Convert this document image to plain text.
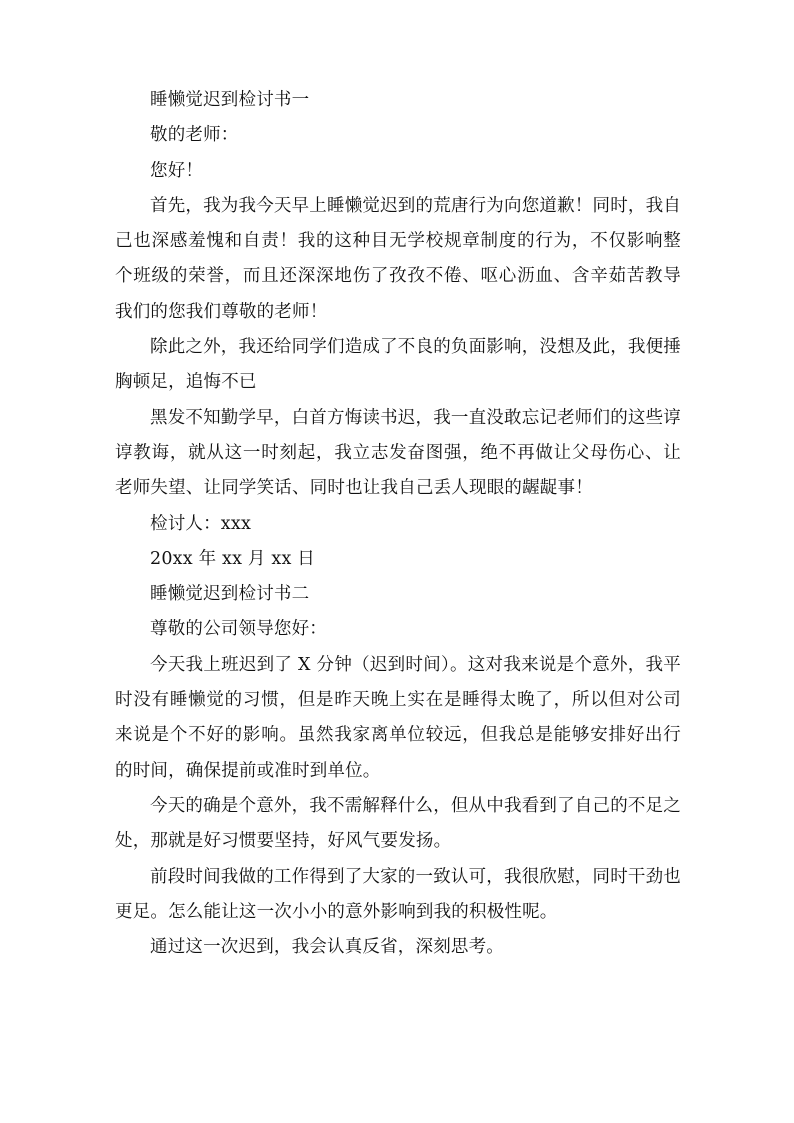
睡懒觉迟到检讨书一

敬的老师：

您好！

首先，我为我今天早上睡懒觉迟到的荒唐行为向您道歉！同时，我自己也深感羞愧和自责！我的这种目无学校规章制度的行为，不仅影响整个班级的荣誉，而且还深深地伤了孜孜不倦、呕心沥血、含辛茹苦教导我们的您我们尊敬的老师！

除此之外，我还给同学们造成了不良的负面影响，没想及此，我便捶胸顿足，追悔不已

黑发不知勤学早，白首方悔读书迟，我一直没敢忘记老师们的这些谆谆教诲，就从这一时刻起，我立志发奋图强，绝不再做让父母伤心、让老师失望、让同学笑话、同时也让我自己丢人现眼的龌龊事！

检讨人：xxx

20xx 年 xx 月 xx 日

睡懒觉迟到检讨书二

尊敬的公司领导您好：

今天我上班迟到了 X 分钟（迟到时间）。这对我来说是个意外，我平时没有睡懒觉的习惯，但是昨天晚上实在是睡得太晚了，所以但对公司来说是个不好的影响。虽然我家离单位较远，但我总是能够安排好出行的时间，确保提前或准时到单位。

今天的确是个意外，我不需解释什么，但从中我看到了自己的不足之处，那就是好习惯要坚持，好风气要发扬。

前段时间我做的工作得到了大家的一致认可，我很欣慰，同时干劲也更足。怎么能让这一次小小的意外影响到我的积极性呢。

通过这一次迟到，我会认真反省，深刻思考。
